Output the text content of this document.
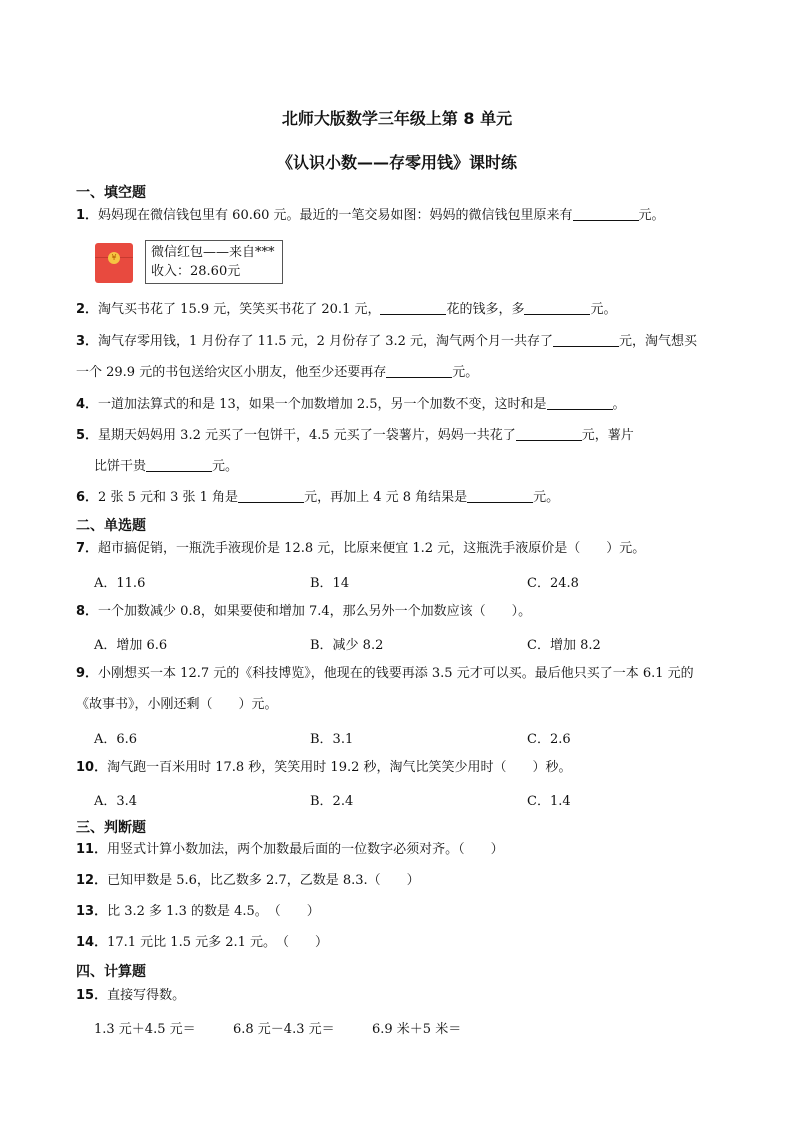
北师大版数学三年级上第 8 单元
《认识小数——存零用钱》课时练
一、填空题
1．妈妈现在微信钱包里有 60.60 元。最近的一笔交易如图：妈妈的微信钱包里原来有	元。
¥	微信红包——来自***
收入：28.60元
2．淘气买书花了 15.9 元，笑笑买书花了 20.1 元，	花的钱多，多	元。
3．淘气存零用钱，1 月份存了 11.5 元，2 月份存了 3.2 元，淘气两个月一共存了	元，淘气想买
一个 29.9 元的书包送给灾区小朋友，他至少还要再存	元。
4．一道加法算式的和是 13，如果一个加数增加 2.5，另一个加数不变，这时和是	。
5．星期天妈妈用 3.2 元买了一包饼干，4.5 元买了一袋薯片，妈妈一共花了	元，薯片
比饼干贵	元。
6．2 张 5 元和 3 张 1 角是	元，再加上 4 元 8 角结果是	元。
二、单选题
7．超市搞促销，一瓶洗手液现价是 12.8 元，比原来便宜 1.2 元，这瓶洗手液原价是（　　）元。
A．11.6	B．14	C．24.8
8．一个加数减少 0.8，如果要使和增加 7.4，那么另外一个加数应该（　　）。
A．增加 6.6	B．减少 8.2	C．增加 8.2
9．小刚想买一本 12.7 元的《科技博览》，他现在的钱要再添 3.5 元才可以买。最后他只买了一本 6.1 元的
《故事书》，小刚还剩（　　）元。
A．6.6	B．3.1	C．2.6
10．淘气跑一百米用时 17.8 秒，笑笑用时 19.2 秒，淘气比笑笑少用时（　　）秒。
A．3.4	B．2.4	C．1.4
三、判断题
11．用竖式计算小数加法，两个加数最后面的一位数字必须对齐。（　　）
12．已知甲数是 5.6，比乙数多 2.7，乙数是 8.3.（　　）
13．比 3.2 多 1.3 的数是 4.5。　（　　）
14．17.1 元比 1.5 元多 2.1 元。　（　　）
四、计算题
15．直接写得数。
1.3 元＋4.5 元＝	6.8 元－4.3 元＝	6.9 米＋5 米＝
